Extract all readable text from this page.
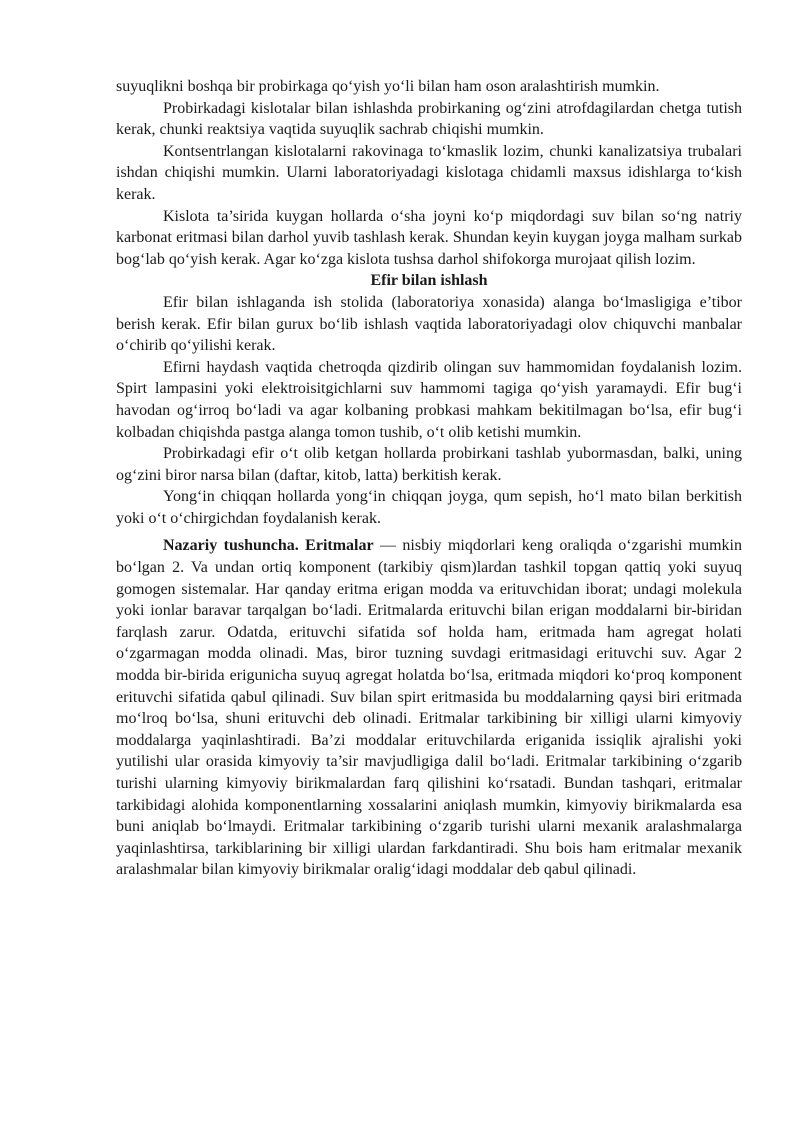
suyuqlikni boshqa bir probirkaga qo‘yish yo‘li bilan ham oson aralashtirish mumkin.

Probirkadagi kislotalar bilan ishlashda probirkaning og‘zini atrofdagilardan chetga tutish kerak, chunki reaktsiya vaqtida suyuqlik sachrab chiqishi mumkin.

Kontsentrlangan kislotalarni rakovinaga to‘kmaslik lozim, chunki kanalizatsiya trubalari ishdan chiqishi mumkin. Ularni laboratoriyadagi kislotaga chidamli maxsus idishlarga to‘kish kerak.

Kislota ta’sirida kuygan hollarda o‘sha joyni ko‘p miqdordagi suv bilan so‘ng natriy karbonat eritmasi bilan darhol yuvib tashlash kerak. Shundan keyin kuygan joyga malham surkab bog‘lab qo‘yish kerak. Agar ko‘zga kislota tushsa darhol shifokorga murojaat qilish lozim.

Efir bilan ishlash

Efir bilan ishlaganda ish stolida (laboratoriya xonasida) alanga bo‘lmasligiga e’tibor berish kerak. Efir bilan gurux bo‘lib ishlash vaqtida laboratoriyadagi olov chiquvchi manbalar o‘chirib qo‘yilishi kerak.

Efirni haydash vaqtida chetroqda qizdirib olingan suv hammomidan foydalanish lozim. Spirt lampasini yoki elektroisitgichlarni suv hammomi tagiga qo‘yish yaramaydi. Efir bug‘i havodan og‘irroq bo‘ladi va agar kolbaning probkasi mahkam bekitilmagan bo‘lsa, efir bug‘i kolbadan chiqishda pastga alanga tomon tushib, o‘t olib ketishi mumkin.

Probirkadagi efir o‘t olib ketgan hollarda probirkani tashlab yubormasdan, balki, uning og‘zini biror narsa bilan (daftar, kitob, latta) berkitish kerak.

Yong‘in chiqqan hollarda yong‘in chiqqan joyga, qum sepish, ho‘l mato bilan berkitish yoki o‘t o‘chirgichdan foydalanish kerak.

Nazariy tushuncha. Eritmalar — nisbiy miqdorlari keng oraliqda o‘zgarishi mumkin bo‘lgan 2. Va undan ortiq komponent (tarkibiy qism)lardan tashkil topgan qattiq yoki suyuq gomogen sistemalar. Har qanday eritma erigan modda va erituvchidan iborat; undagi molekula yoki ionlar baravar tarqalgan bo‘ladi. Eritmalarda erituvchi bilan erigan moddalarni bir-biridan farqlash zarur. Odatda, erituvchi sifatida sof holda ham, eritmada ham agregat holati o‘zgarmagan modda olinadi. Mas, biror tuzning suvdagi eritmasidagi erituvchi suv. Agar 2 modda bir-birida erigunicha suyuq agregat holatda bo‘lsa, eritmada miqdori ko‘proq komponent erituvchi sifatida qabul qilinadi. Suv bilan spirt eritmasida bu moddalarning qaysi biri eritmada mo‘lroq bo‘lsa, shuni erituvchi deb olinadi. Eritmalar tarkibining bir xilligi ularni kimyoviy moddalarga yaqinlashtiradi. Ba’zi moddalar erituvchilarda eriganida issiqlik ajralishi yoki yutilishi ular orasida kimyoviy ta’sir mavjudligiga dalil bo‘ladi. Eritmalar tarkibining o‘zgarib turishi ularning kimyoviy birikmalardan farq qilishini ko‘rsatadi. Bundan tashqari, eritmalar tarkibidagi alohida komponentlarning xossalarini aniqlash mumkin, kimyoviy birikmalarda esa buni aniqlab bo‘lmaydi. Eritmalar tarkibining o‘zgarib turishi ularni mexanik aralashmalarga yaqinlashtirsa, tarkiblarining bir xilligi ulardan farkdantiradi. Shu bois ham eritmalar mexanik aralashmalar bilan kimyoviy birikmalar oralig‘idagi moddalar deb qabul qilinadi.
